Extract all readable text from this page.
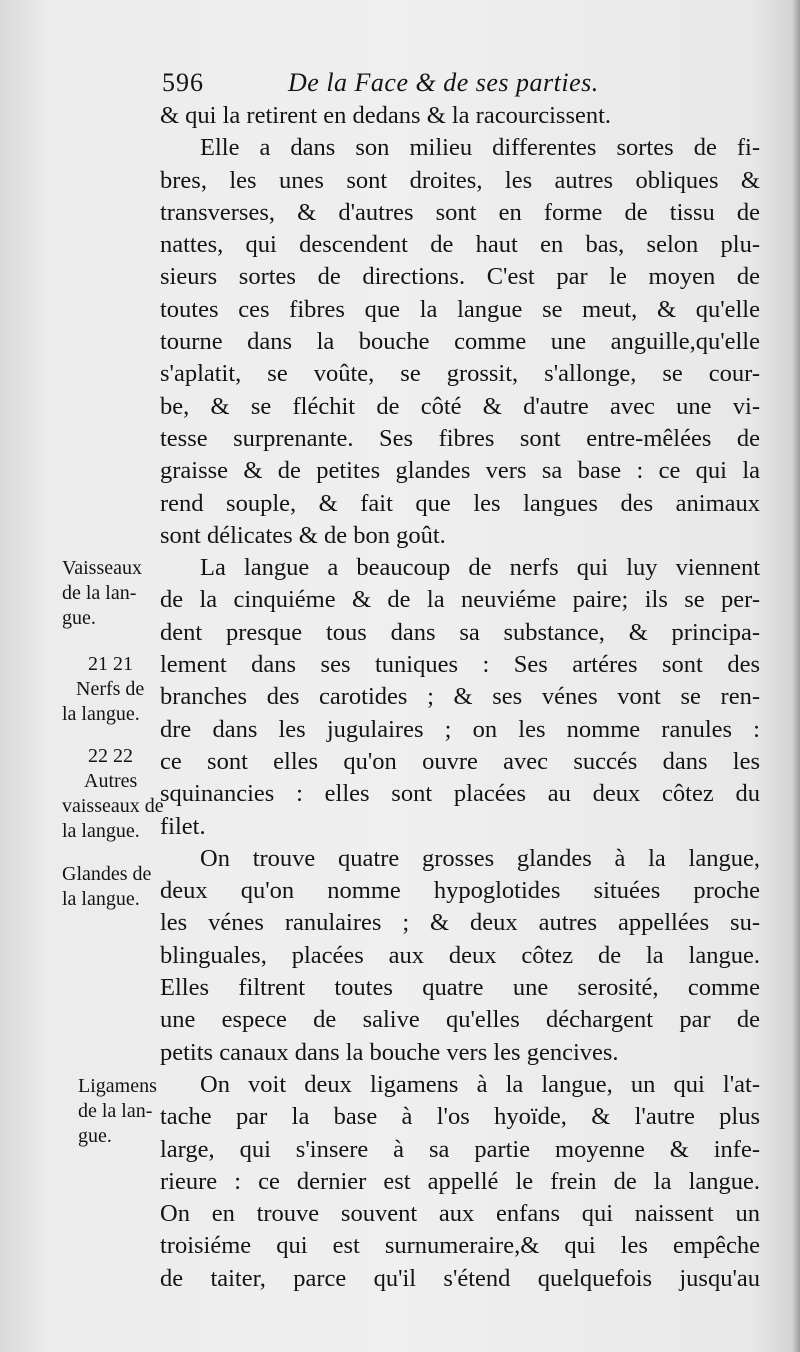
596	De la Face & de ses parties.
& qui la retirent en dedans & la racourcissent.
Elle a dans son milieu differentes sortes de fi-
bres, les unes sont droites, les autres obliques &
transverses, & d'autres sont en forme de tissu de
nattes, qui descendent de haut en bas, selon plu-
sieurs sortes de directions. C'est par le moyen de
toutes ces fibres que la langue se meut, & qu'elle
tourne dans la bouche comme une anguille,qu'elle
s'aplatit, se voûte, se grossit, s'allonge, se cour-
be, & se fléchit de côté & d'autre avec une vi-
tesse surprenante. Ses fibres sont entre-mêlées de
graisse & de petites glandes vers sa base : ce qui la
rend souple, & fait que les langues des animaux
sont délicates & de bon goût.
La langue a beaucoup de nerfs qui luy viennent
de la cinquiéme & de la neuviéme paire; ils se per-
dent presque tous dans sa substance, & principa-
lement dans ses tuniques : Ses artéres sont des
branches des carotides ; & ses vénes vont se ren-
dre dans les jugulaires ; on les nomme ranules :
ce sont elles qu'on ouvre avec succés dans les
squinancies : elles sont placées au deux côtez du
filet.
On trouve quatre grosses glandes à la langue,
deux qu'on nomme hypoglotides situées proche
les vénes ranulaires ; & deux autres appellées su-
blinguales, placées aux deux côtez de la langue.
Elles filtrent toutes quatre une serosité, comme
une espece de salive qu'elles déchargent par de
petits canaux dans la bouche vers les gencives.
On voit deux ligamens à la langue, un qui l'at-
tache par la base à l'os hyoïde, & l'autre plus
large, qui s'insere à sa partie moyenne & infe-
rieure : ce dernier est appellé le frein de la langue.
On en trouve souvent aux enfans qui naissent un
troisiéme qui est surnumeraire,& qui les empêche
de taiter, parce qu'il s'étend quelquefois jusqu'au
Vaisseaux
de la lan-
gue.
21 21
Nerfs de
la langue.
22 22
Autres
vaisseaux de
la langue.
Glandes de
la langue.
Ligamens
de la lan-
gue.
